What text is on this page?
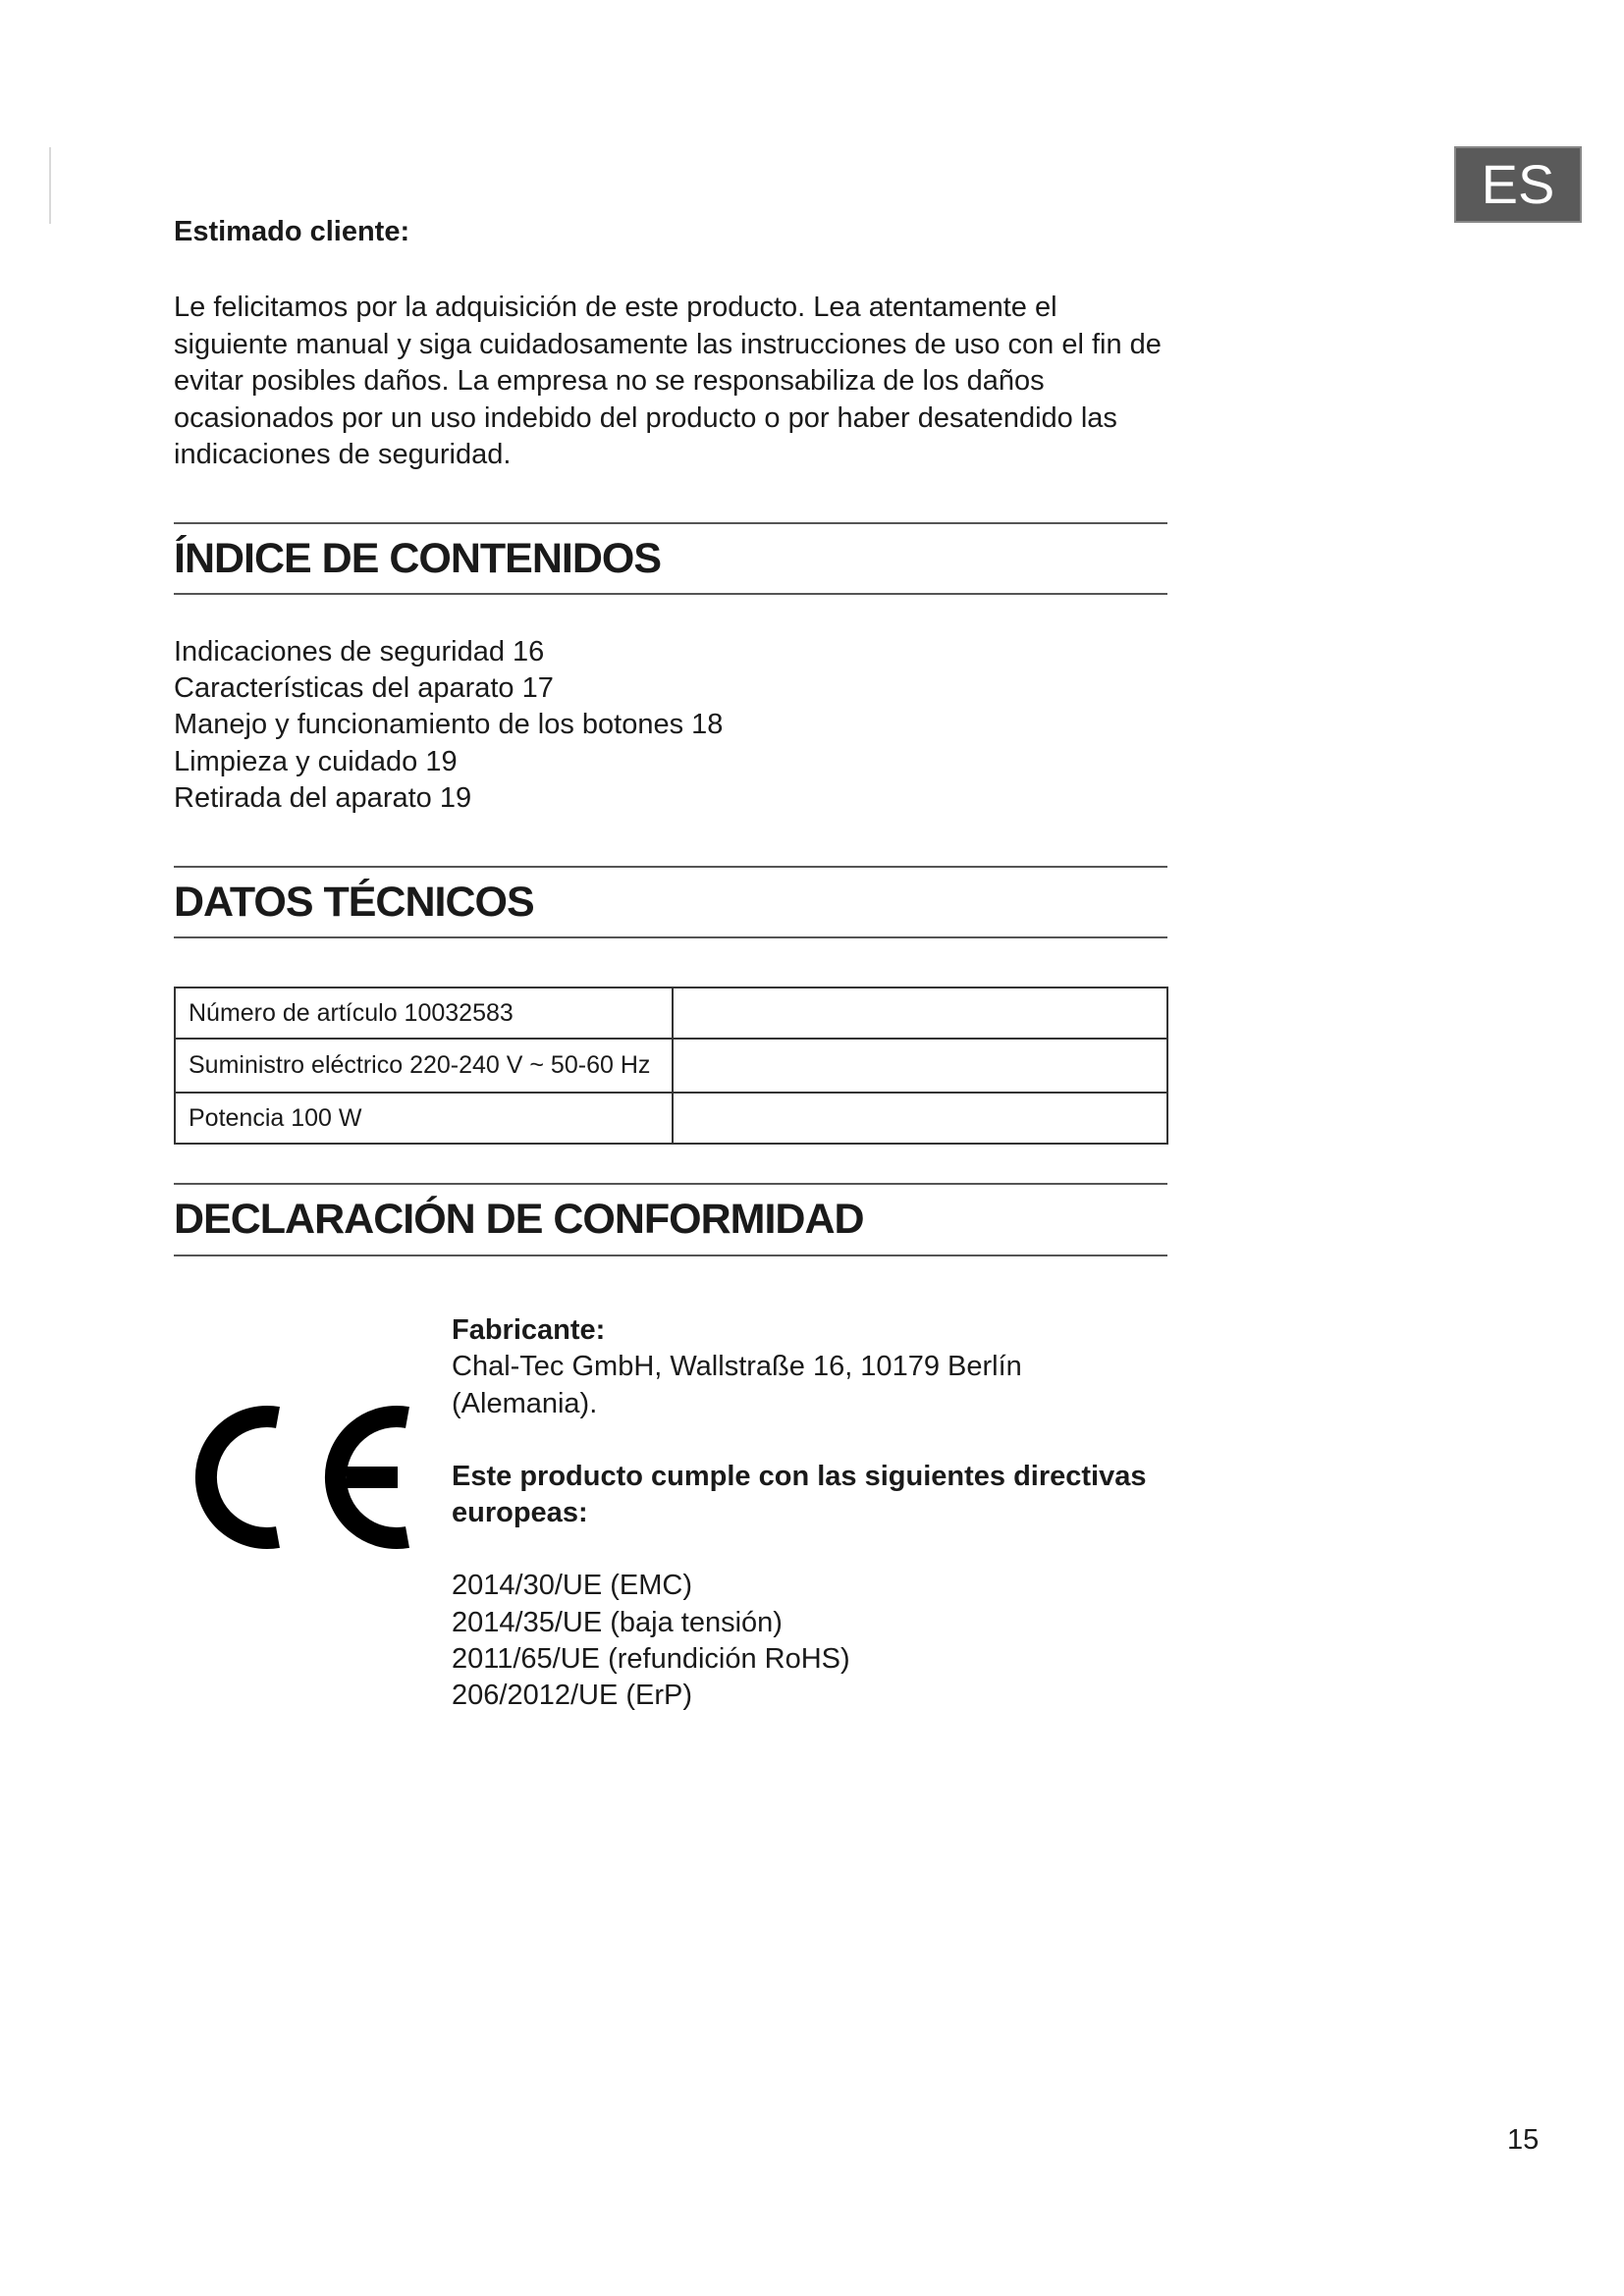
ES

Estimado cliente:

Le felicitamos por la adquisición de este producto. Lea atentamente el siguiente manual y siga cuidadosamente las instrucciones de uso con el fin de evitar posibles daños. La empresa no se responsabiliza de los daños ocasionados por un uso indebido del producto o por haber desatendido las indicaciones de seguridad.

ÍNDICE DE CONTENIDOS
Indicaciones de seguridad 16
Características del aparato 17
Manejo y funcionamiento de los botones 18
Limpieza y cuidado 19
Retirada del aparato 19
DATOS TÉCNICOS
Número de artículo 10032583	
Suministro eléctrico 220-240 V ~ 50-60 Hz	
Potencia 100 W	
DECLARACIÓN DE CONFORMIDAD

Fabricante:

Chal-Tec GmbH, Wallstraße 16, 10179 Berlín

(Alemania).

Este producto cumple con las siguientes directivas europeas:

2014/30/UE (EMC)

2014/35/UE (baja tensión)

2011/65/UE (refundición RoHS)

206/2012/UE (ErP)

15
